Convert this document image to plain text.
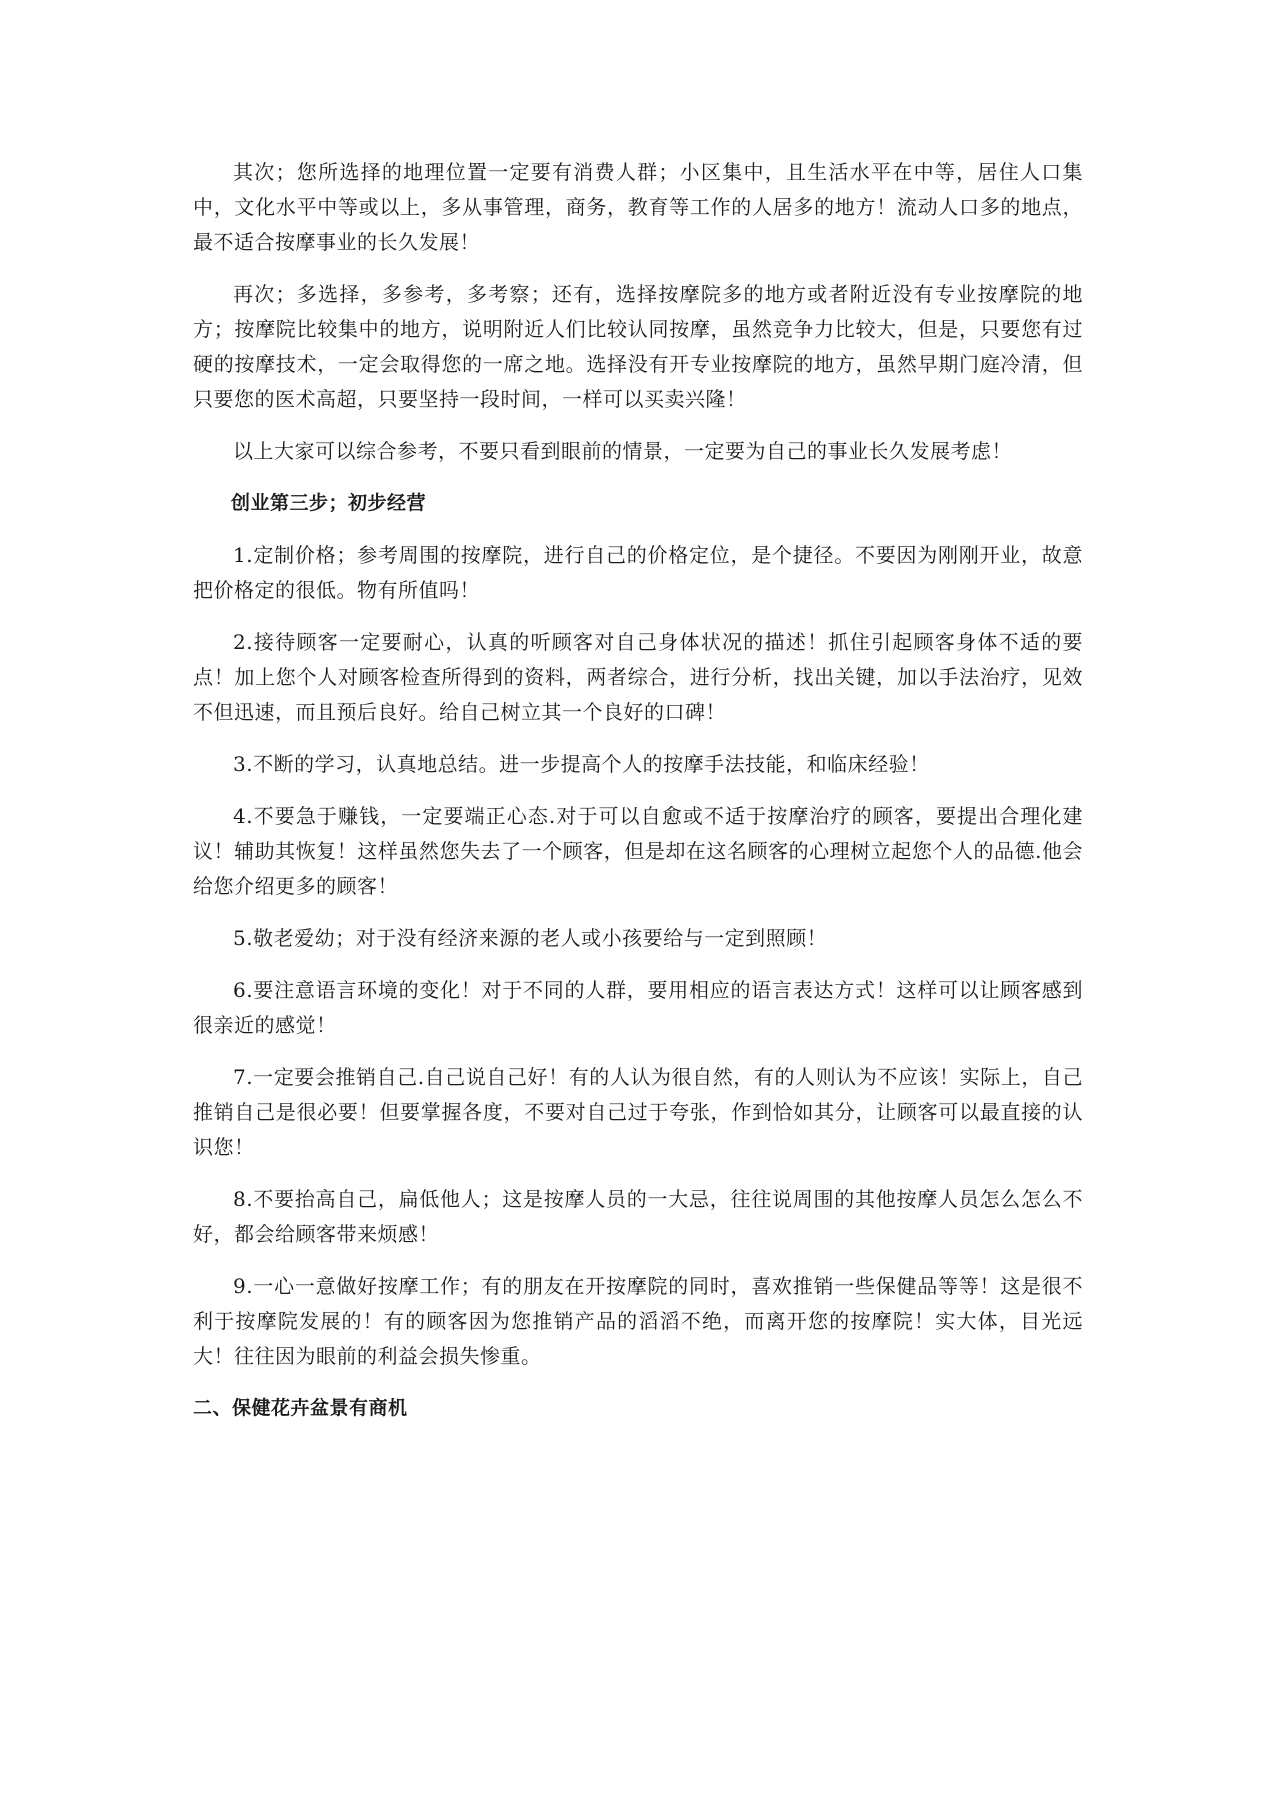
其次；您所选择的地理位置一定要有消费人群；小区集中，且生活水平在中等，居住人口集中，文化水平中等或以上，多从事管理，商务，教育等工作的人居多的地方！流动人口多的地点，最不适合按摩事业的长久发展！

再次；多选择，多参考，多考察；还有，选择按摩院多的地方或者附近没有专业按摩院的地方；按摩院比较集中的地方，说明附近人们比较认同按摩，虽然竞争力比较大，但是，只要您有过硬的按摩技术，一定会取得您的一席之地。选择没有开专业按摩院的地方，虽然早期门庭冷清，但只要您的医术高超，只要坚持一段时间，一样可以买卖兴隆！

以上大家可以综合参考，不要只看到眼前的情景，一定要为自己的事业长久发展考虑！

创业第三步；初步经营

1.定制价格；参考周围的按摩院，进行自己的价格定位，是个捷径。不要因为刚刚开业，故意把价格定的很低。物有所值吗！

2.接待顾客一定要耐心，认真的听顾客对自己身体状况的描述！抓住引起顾客身体不适的要点！加上您个人对顾客检查所得到的资料，两者综合，进行分析，找出关键，加以手法治疗，见效不但迅速，而且预后良好。给自己树立其一个良好的口碑！

3.不断的学习，认真地总结。进一步提高个人的按摩手法技能，和临床经验！

4.不要急于赚钱，一定要端正心态.对于可以自愈或不适于按摩治疗的顾客，要提出合理化建议！辅助其恢复！这样虽然您失去了一个顾客，但是却在这名顾客的心理树立起您个人的品德.他会给您介绍更多的顾客！

5.敬老爱幼；对于没有经济来源的老人或小孩要给与一定到照顾！

6.要注意语言环境的变化！对于不同的人群，要用相应的语言表达方式！这样可以让顾客感到很亲近的感觉！

7.一定要会推销自己.自己说自己好！有的人认为很自然，有的人则认为不应该！实际上，自己推销自己是很必要！但要掌握各度，不要对自己过于夸张，作到恰如其分，让顾客可以最直接的认识您！

8.不要抬高自己，扁低他人；这是按摩人员的一大忌，往往说周围的其他按摩人员怎么怎么不好，都会给顾客带来烦感！

9.一心一意做好按摩工作；有的朋友在开按摩院的同时，喜欢推销一些保健品等等！这是很不利于按摩院发展的！有的顾客因为您推销产品的滔滔不绝，而离开您的按摩院！实大体，目光远大！往往因为眼前的利益会损失惨重。

二、保健花卉盆景有商机
